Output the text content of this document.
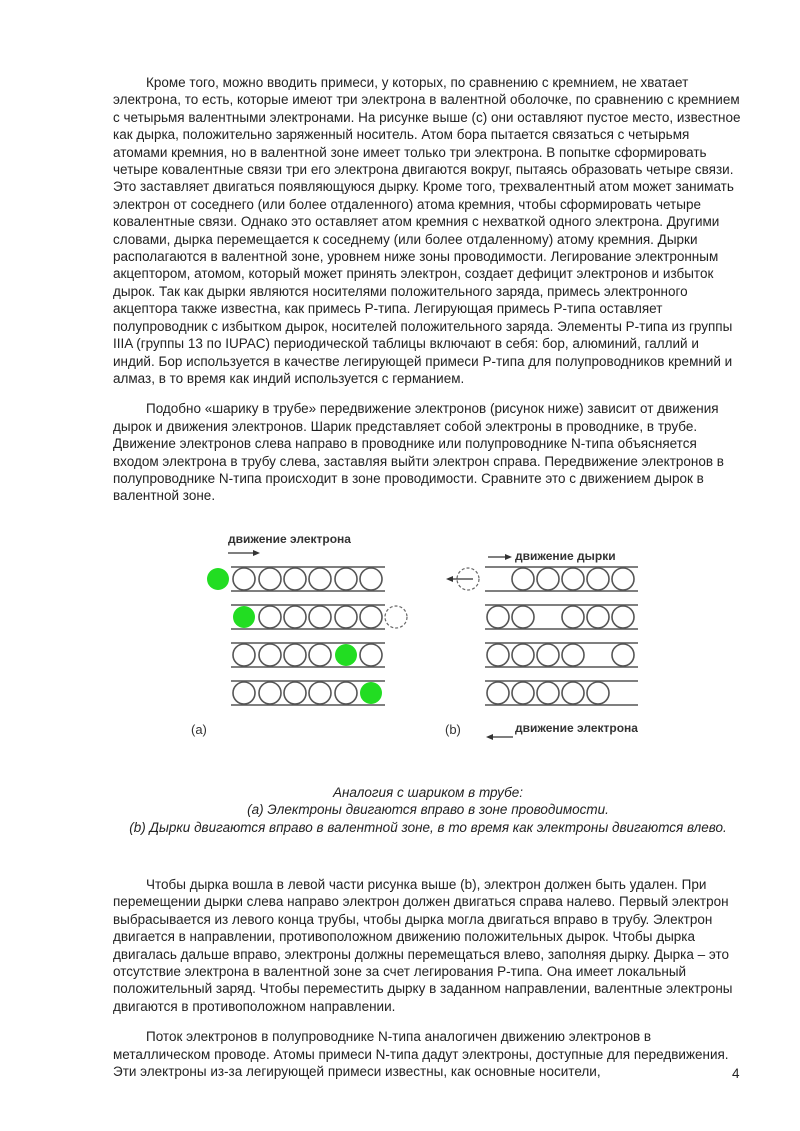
Кроме того, можно вводить примеси, у которых, по сравнению с кремнием, не хватает электрона, то есть, которые имеют три электрона в валентной оболочке, по сравнению с кремнием с четырьмя валентными электронами. На рисунке выше (с) они оставляют пустое место, известное как дырка, положительно заряженный носитель. Атом бора пытается связаться с четырьмя атомами кремния, но в валентной зоне имеет только три электрона. В попытке сформировать четыре ковалентные связи три его электрона двигаются вокруг, пытаясь образовать четыре связи. Это заставляет двигаться появляющуюся дырку. Кроме того, трехвалентный атом может занимать электрон от соседнего (или более отдаленного) атома кремния, чтобы сформировать четыре ковалентные связи. Однако это оставляет атом кремния с нехваткой одного электрона. Другими словами, дырка перемещается к соседнему (или более отдаленному) атому кремния. Дырки располагаются в валентной зоне, уровнем ниже зоны проводимости. Легирование электронным акцептором, атомом, который может принять электрон, создает дефицит электронов и избыток дырок. Так как дырки являются носителями положительного заряда, примесь электронного акцептора также известна, как примесь Р-типа. Легирующая примесь Р-типа оставляет полупроводник с избытком дырок, носителей положительного заряда. Элементы Р-типа из группы IIIA (группы 13 по IUPAC) периодической таблицы включают в себя: бор, алюминий, галлий и индий. Бор используется в качестве легирующей примеси Р-типа для полупроводников кремний и алмаз, в то время как индий используется с германием.

Подобно «шарику в трубе» передвижение электронов (рисунок ниже) зависит от движения дырок и движения электронов. Шарик представляет собой электроны в проводнике, в трубе. Движение электронов слева направо в проводнике или полупроводнике N-типа объясняется входом электрона в трубу слева, заставляя выйти электрон справа. Передвижение электронов в полупроводнике N-типа происходит в зоне проводимости. Сравните это с движением дырок в валентной зоне.

движение электрона
(a)
движение дырки
(b)	движение электрона
Аналогия с шариком в трубе:
(a) Электроны двигаются вправо в зоне проводимости.
(b) Дырки двигаются вправо в валентной зоне, в то время как электроны двигаются влево.

Чтобы дырка вошла в левой части рисунка выше (b), электрон должен быть удален. При перемещении дырки слева направо электрон должен двигаться справа налево. Первый электрон выбрасывается из левого конца трубы, чтобы дырка могла двигаться вправо в трубу. Электрон двигается в направлении, противоположном движению положительных дырок. Чтобы дырка двигалась дальше вправо, электроны должны перемещаться влево, заполняя дырку. Дырка – это отсутствие электрона в валентной зоне за счет легирования Р-типа. Она имеет локальный положительный заряд. Чтобы переместить дырку в заданном направлении, валентные электроны двигаются в противоположном направлении.

Поток электронов в полупроводнике N-типа аналогичен движению электронов в металлическом проводе. Атомы примеси N-типа дадут электроны, доступные для передвижения. Эти электроны из-за легирующей примеси известны, как основные носители,	4
